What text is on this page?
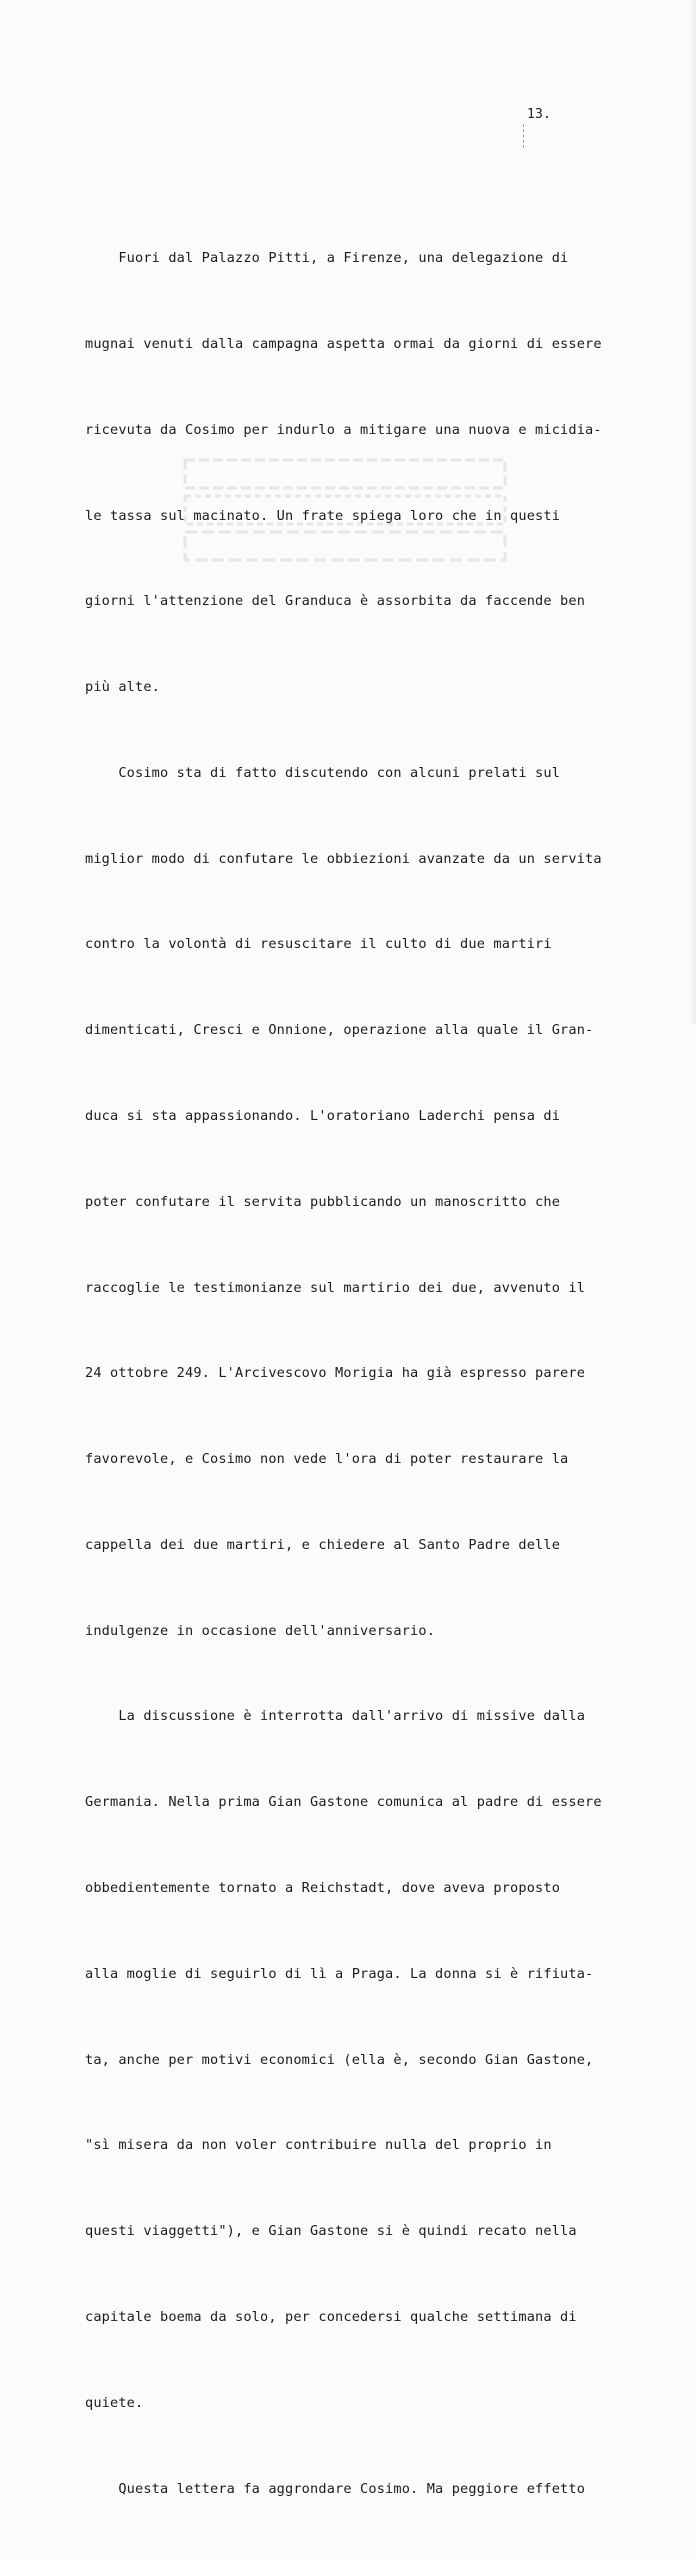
13.

Fuori dal Palazzo Pitti, a Firenze, una delegazione di

mugnai venuti dalla campagna aspetta ormai da giorni di essere

ricevuta da Cosimo per indurlo a mitigare una nuova e micidia-

le tassa sul macinato. Un frate spiega loro che in questi

giorni l'attenzione del Granduca è assorbita da faccende ben

più alte.

Cosimo sta di fatto discutendo con alcuni prelati sul

miglior modo di confutare le obbiezioni avanzate da un servita

contro la volontà di resuscitare il culto di due martiri

dimenticati, Cresci e Onnione, operazione alla quale il Gran-

duca si sta appassionando. L'oratoriano Laderchi pensa di

poter confutare il servita pubblicando un manoscritto che

raccoglie le testimonianze sul martirio dei due, avvenuto il

24 ottobre 249. L'Arcivescovo Morigia ha già espresso parere

favorevole, e Cosimo non vede l'ora di poter restaurare la

cappella dei due martiri, e chiedere al Santo Padre delle

indulgenze in occasione dell'anniversario.

La discussione è interrotta dall'arrivo di missive dalla

Germania. Nella prima Gian Gastone comunica al padre di essere

obbedientemente tornato a Reichstadt, dove aveva proposto

alla moglie di seguirlo di lì a Praga. La donna si è rifiuta-

ta, anche per motivi economici (ella è, secondo Gian Gastone,

"sì misera da non voler contribuire nulla del proprio in

questi viaggetti"), e Gian Gastone si è quindi recato nella

capitale boema da solo, per concedersi qualche settimana di

quiete.

Questa lettera fa aggrondare Cosimo. Ma peggiore effetto
